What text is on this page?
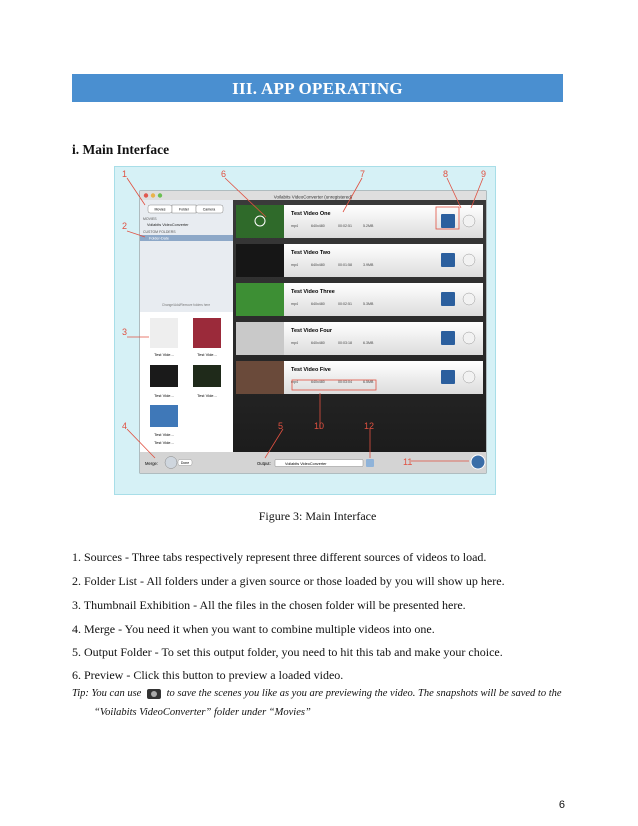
III. APP OPERATING
i. Main Interface
Voilabits VideoConverter (unregistered)
Movies	Folder	Camera
MOVIES
Voilabits VideoConverter
CUSTOM FOLDERS
Folder-Date
Change/Add/Remove folders here
Test Vide...	Test Vide...
Test Vide...	Test Vide...
Test Vide...
Test Vide...
Test Video One
mp4	640x480	00:02:51	5.2MB
Test Video Two
mp4	640x480	00:01:58	3.9MB
Test Video Three
mp4	640x480	00:02:51	5.3MB
Test Video Four
mp4	640x480	00:03:18	6.3MB
Test Video Five
mp4	640x480	00:03:04	6.5MB
Merge:	Done	Output:	Voilabits VideoConverter
1
2
3
4	5
6	7	8	9
10
11
12
Figure 3: Main Interface
1. Sources - Three tabs respectively represent three different sources of videos to load.
2. Folder List - All folders under a given source or those loaded by you will show up here.
3. Thumbnail Exhibition - All the files in the chosen folder will be presented here.
4. Merge - You need it when you want to combine multiple videos into one.
5. Output Folder - To set this output folder, you need to hit this tab and make your choice.
6. Preview - Click this button to preview a loaded video.
Tip: You can use to save the scenes you like as you are previewing the video. The snapshots will be saved to the
“Voilabits VideoConverter” folder under “Movies”
6
